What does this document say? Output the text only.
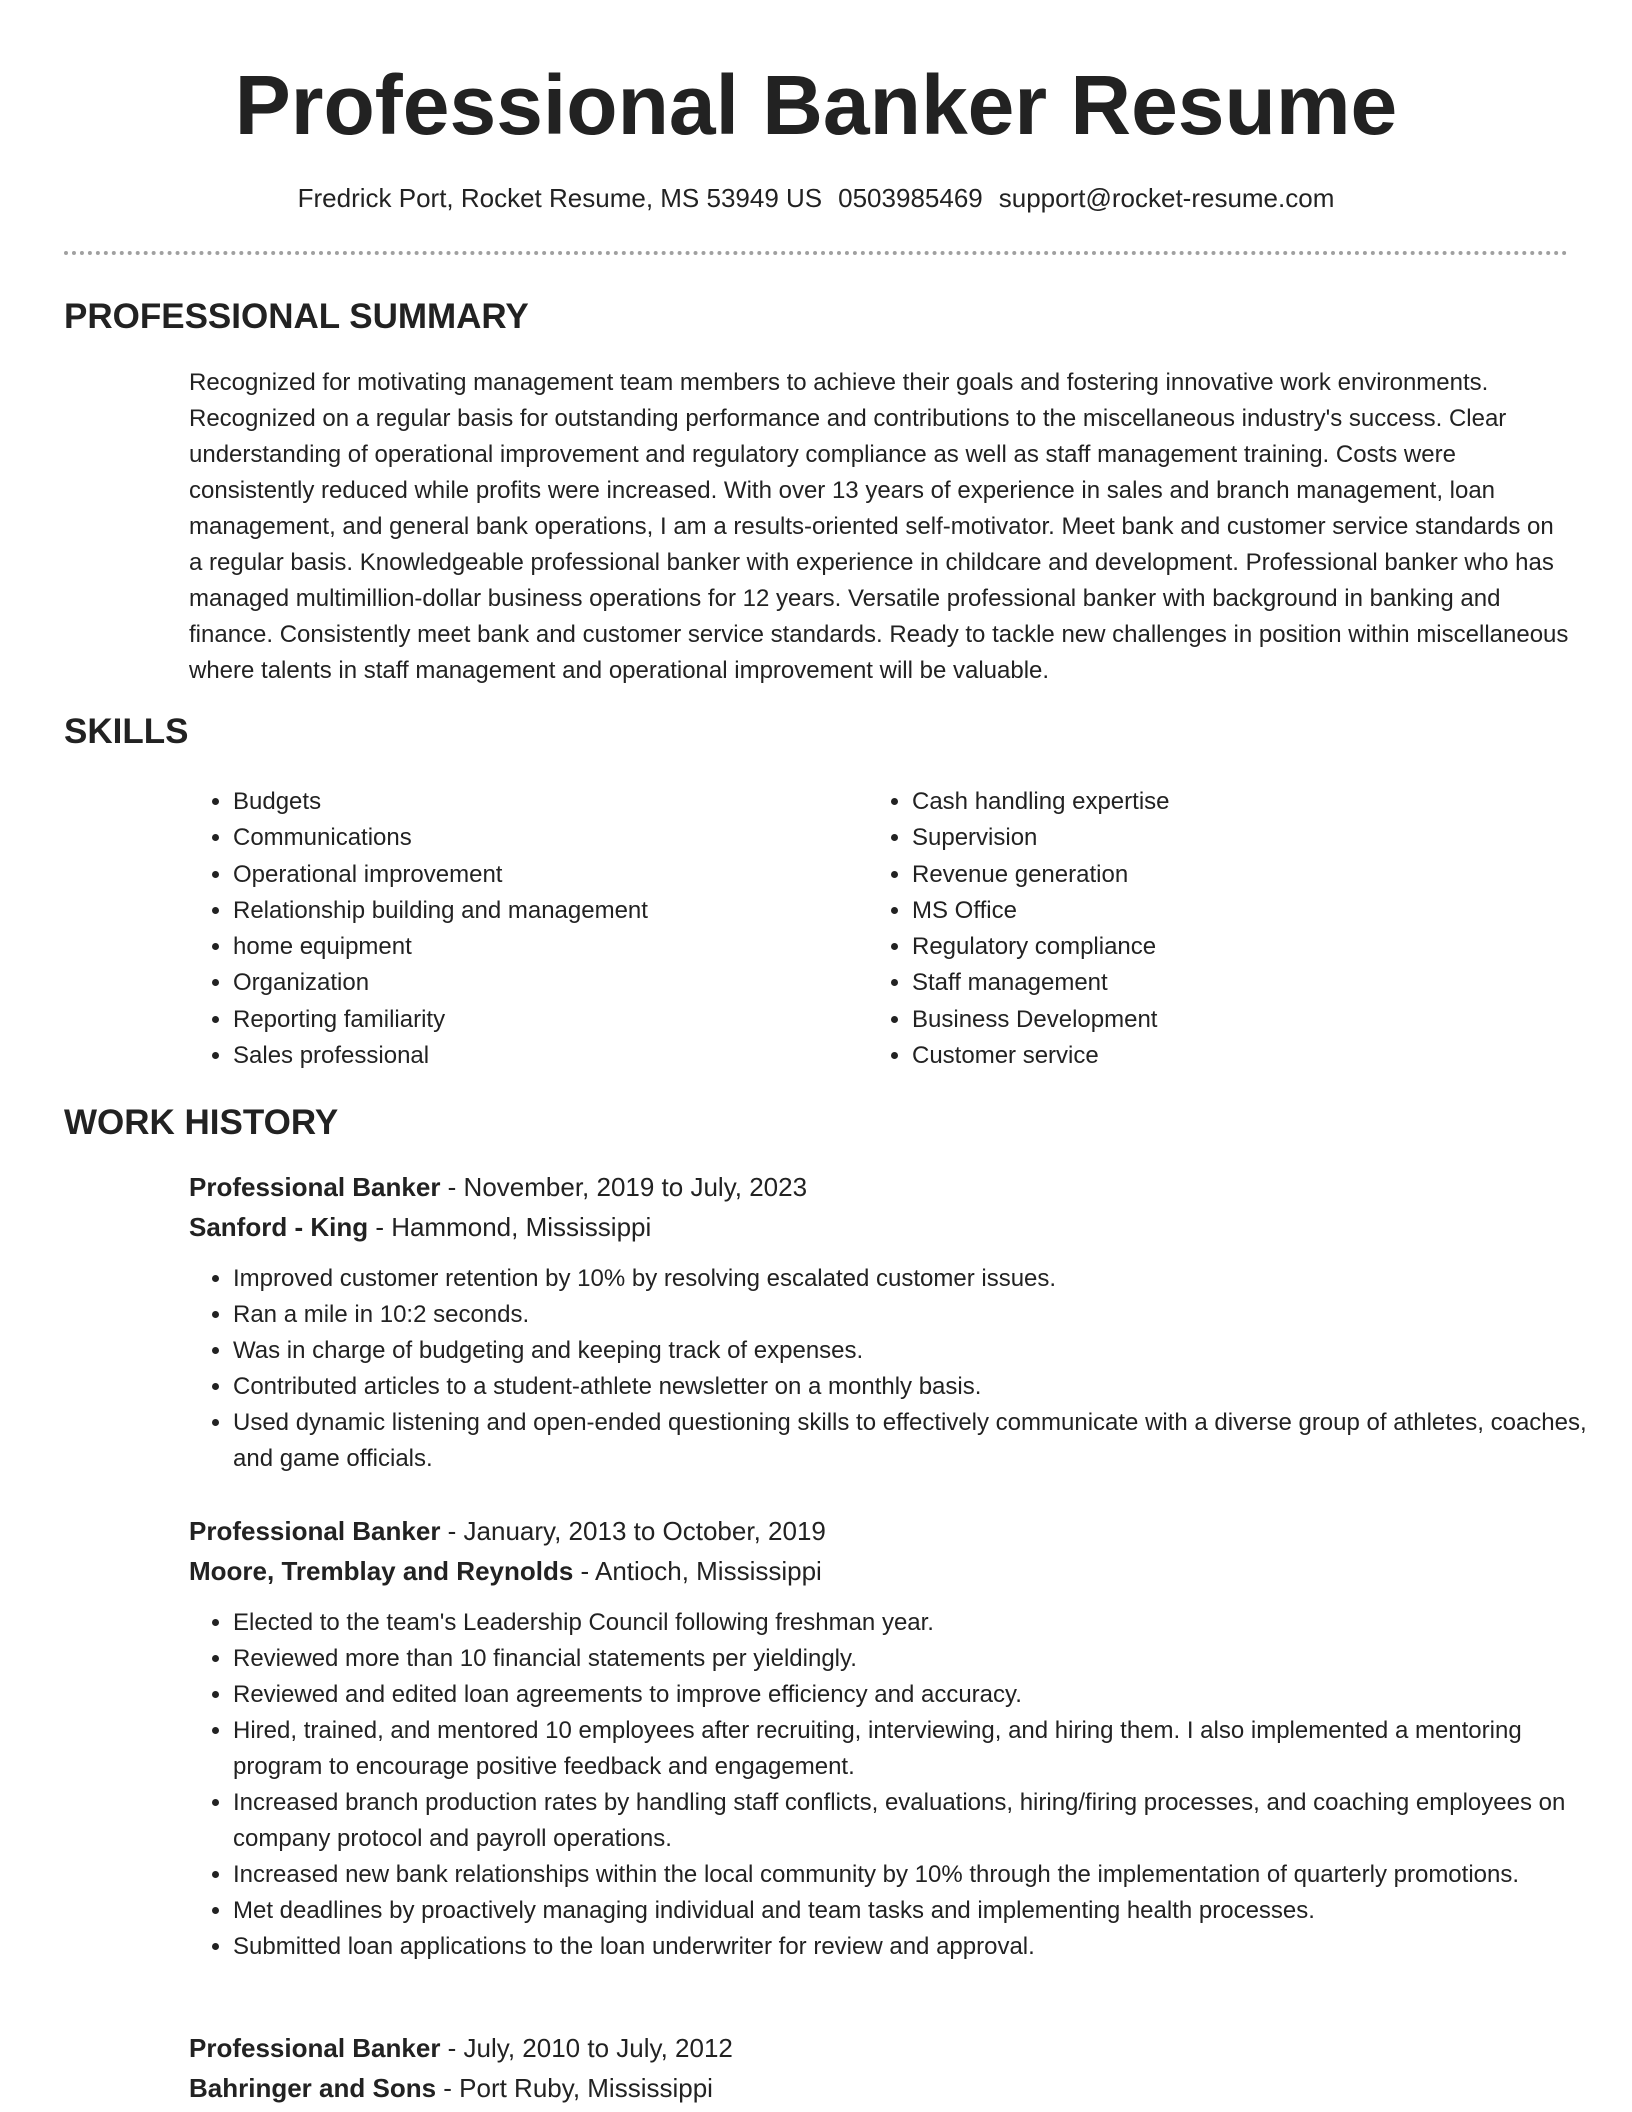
Professional Banker Resume
Fredrick Port, Rocket Resume, MS 53949 US 0503985469 support@rocket-resume.com
PROFESSIONAL SUMMARY

Recognized for motivating management team members to achieve their goals and fostering innovative work environments. Recognized on a regular basis for outstanding performance and contributions to the miscellaneous industry's success. Clear understanding of operational improvement and regulatory compliance as well as staff management training. Costs were consistently reduced while profits were increased. With over 13 years of experience in sales and branch management, loan management, and general bank operations, I am a results-oriented self-motivator. Meet bank and customer service standards on a regular basis. Knowledgeable professional banker with experience in childcare and development. Professional banker who has managed multimillion-dollar business operations for 12 years. Versatile professional banker with background in banking and finance. Consistently meet bank and customer service standards. Ready to tackle new challenges in position within miscellaneous where talents in staff management and operational improvement will be valuable.

SKILLS
• Budgets
• Communications
• Operational improvement
• Relationship building and management
• home equipment
• Organization
• Reporting familiarity
• Sales professional
• Cash handling expertise
• Supervision
• Revenue generation
• MS Office
• Regulatory compliance
• Staff management
• Business Development
• Customer service
WORK HISTORY

Professional Banker - November, 2019 to July, 2023

Sanford - King - Hammond, Mississippi

• Improved customer retention by 10% by resolving escalated customer issues.
• Ran a mile in 10:2 seconds.
• Was in charge of budgeting and keeping track of expenses.
• Contributed articles to a student-athlete newsletter on a monthly basis.
• Used dynamic listening and open-ended questioning skills to effectively communicate with a diverse group of athletes, coaches, and game officials.

Professional Banker - January, 2013 to October, 2019

Moore, Tremblay and Reynolds - Antioch, Mississippi

• Elected to the team's Leadership Council following freshman year.
• Reviewed more than 10 financial statements per yieldingly.
• Reviewed and edited loan agreements to improve efficiency and accuracy.
• Hired, trained, and mentored 10 employees after recruiting, interviewing, and hiring them. I also implemented a mentoring program to encourage positive feedback and engagement.
• Increased branch production rates by handling staff conflicts, evaluations, hiring/firing processes, and coaching employees on company protocol and payroll operations.
• Increased new bank relationships within the local community by 10% through the implementation of quarterly promotions.
• Met deadlines by proactively managing individual and team tasks and implementing health processes.
• Submitted loan applications to the loan underwriter for review and approval.

Professional Banker - July, 2010 to July, 2012

Bahringer and Sons - Port Ruby, Mississippi
